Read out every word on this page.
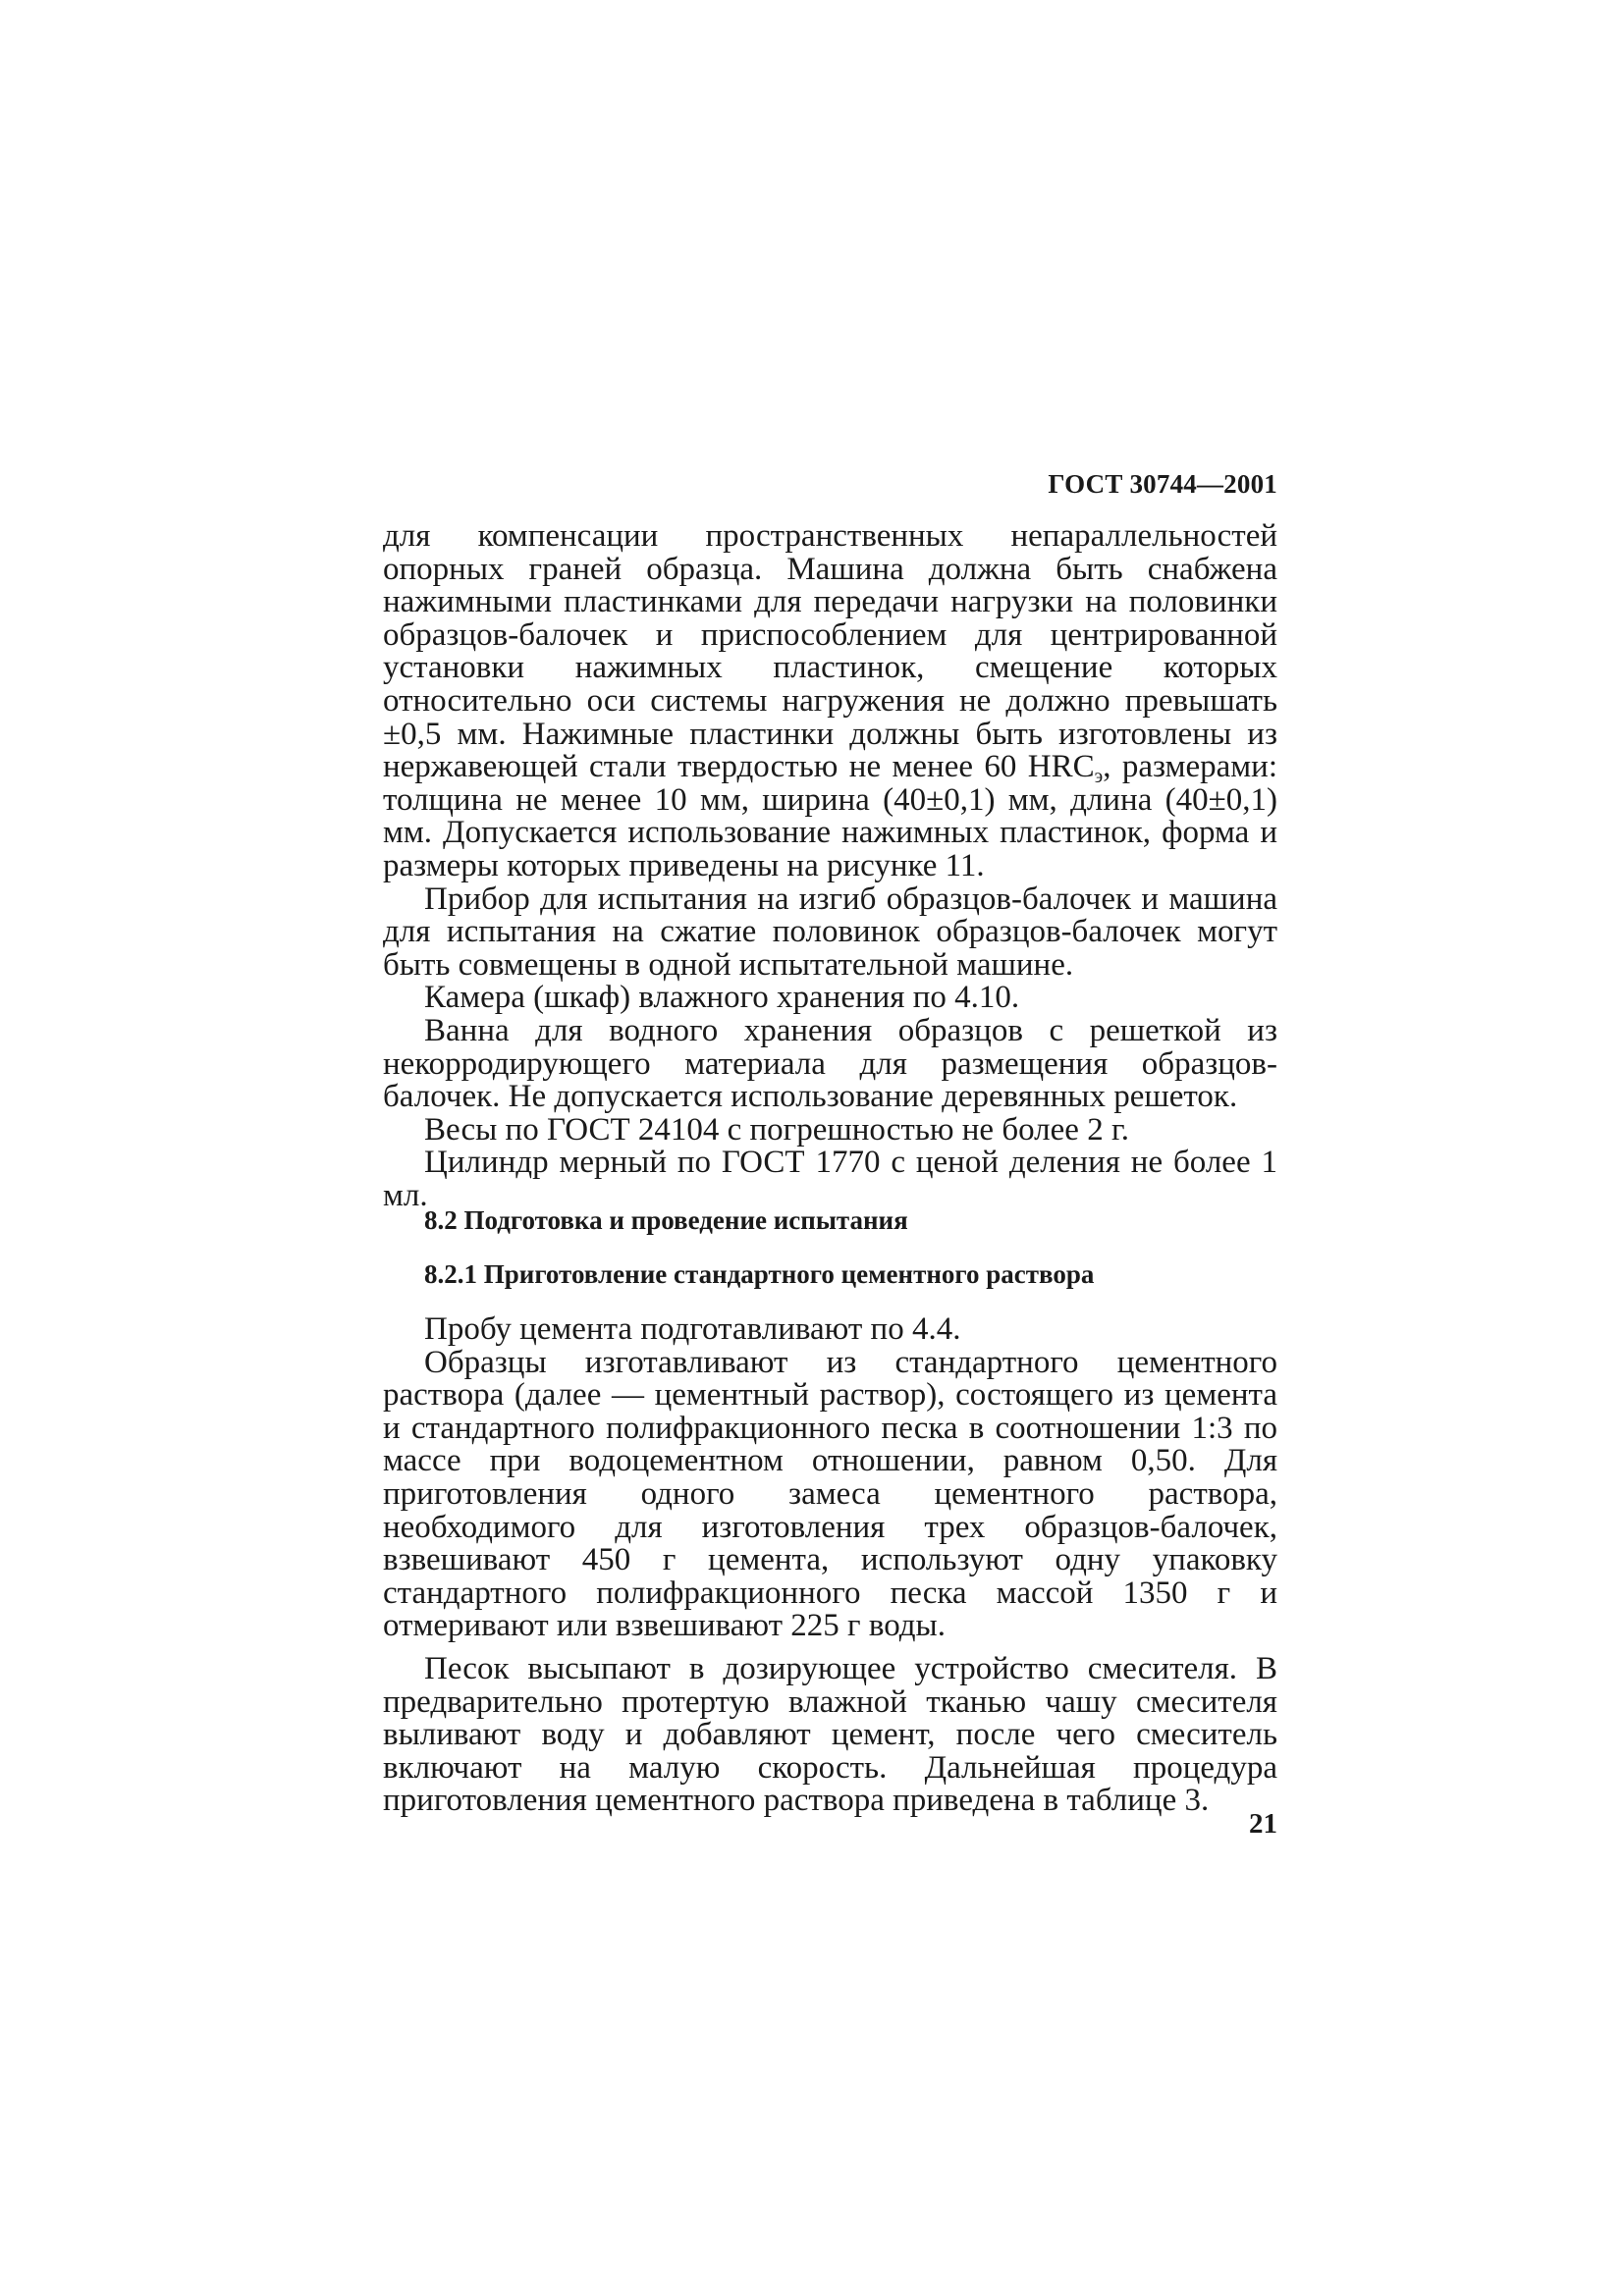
ГОСТ 30744—2001

для компенсации пространственных непараллельностей опорных граней образца. Машина должна быть снабжена нажимными пластинками для передачи нагрузки на половинки образцов-балочек и приспособлением для центрированной установки нажимных пластинок, смещение которых относительно оси системы нагружения не должно превышать ±0,5 мм. Нажимные пластинки должны быть изготовлены из нержавеющей стали твердостью не менее 60 $HRC_э$, размерами: толщина не менее 10 мм, ширина (40±0,1) мм, длина (40±0,1) мм. Допускается использование нажимных пластинок, форма и размеры которых приведены на рисунке 11.

Прибор для испытания на изгиб образцов-балочек и машина для испытания на сжатие половинок образцов-балочек могут быть совмещены в одной испытательной машине.

Камера (шкаф) влажного хранения по 4.10.

Ванна для водного хранения образцов с решеткой из некорродирующего материала для размещения образцов-балочек. Не допускается использование деревянных решеток.

Весы по ГОСТ 24104 с погрешностью не более 2 г.

Цилиндр мерный по ГОСТ 1770 с ценой деления не более 1 мл.

8.2 Подготовка и проведение испытания
8.2.1 Приготовление стандартного цементного раствора

Пробу цемента подготавливают по 4.4.

Образцы изготавливают из стандартного цементного раствора (далее — цементный раствор), состоящего из цемента и стандартного полифракционного песка в соотношении 1:3 по массе при водоцементном отношении, равном 0,50. Для приготовления одного замеса цементного раствора, необходимого для изготовления трех образцов-балочек, взвешивают 450 г цемента, используют одну упаковку стандартного полифракционного песка массой 1350 г и отмеривают или взвешивают 225 г воды.

Песок высыпают в дозирующее устройство смесителя. В предварительно протертую влажной тканью чашу смесителя выливают воду и добавляют цемент, после чего смеситель включают на малую скорость. Дальнейшая процедура приготовления цементного раствора приведена в таблице 3.

21
